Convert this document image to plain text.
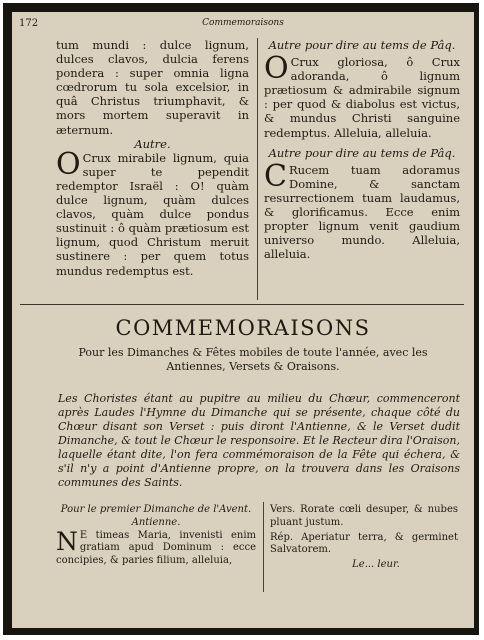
172	Commemoraisons

tum mundi : dulce lignum, dulces clavos, dulcia ferens pondera : super omnia ligna cœdrorum tu sola excelsior, in quâ Christus triumphavit, & mors mortem superavit in æternum.

Autre.

O Crux mirabile lignum, quia super te pependit redemptor Israël : O! quàm dulce lignum, quàm dulces clavos, quàm dulce pondus sustinuit : ô quàm prætiosum est lignum, quod Christum meruit sustinere : per quem totus mundus redemptus est.

Autre pour dire au tems de Pâq.

O Crux gloriosa, ô Crux adoranda, ô lignum prætiosum & admirabile signum : per quod & diabolus est victus, & mundus Christi sanguine redemptus. Alleluia, alleluia.

Autre pour dire au tems de Pâq.

C Rucem tuam adoramus Domine, & sanctam resurrectionem tuam laudamus, & glorificamus. Ecce enim propter lignum venit gaudium universo mundo. Alleluia, alleluia.

COMMEMORAISONS
Pour les Dimanches & Fêtes mobiles de toute l'année, avec les Antiennes, Versets & Oraisons.
Les Choristes étant au pupitre au milieu du Chœur, commenceront après Laudes l'Hymne du Dimanche qui se présente, chaque côté du Chœur disant son Verset : puis diront l'Antienne, & le Verset dudit Dimanche, & tout le Chœur le responsoire. Et le Recteur dira l'Oraison, laquelle étant dite, l'on fera commémoraison de la Fête qui échera, & s'il n'y a point d'Antienne propre, on la trouvera dans les Oraisons communes des Saints.

Pour le premier Dimanche de l'Avent.

Antienne.

N E timeas Maria, invenisti enim gratiam apud Dominum : ecce concipies, & paries filium, alleluia,

Vers. Rorate cœli desuper, & nubes pluant justum.

Rép. Aperiatur terra, & germinet Salvatorem.

Le... leur.
